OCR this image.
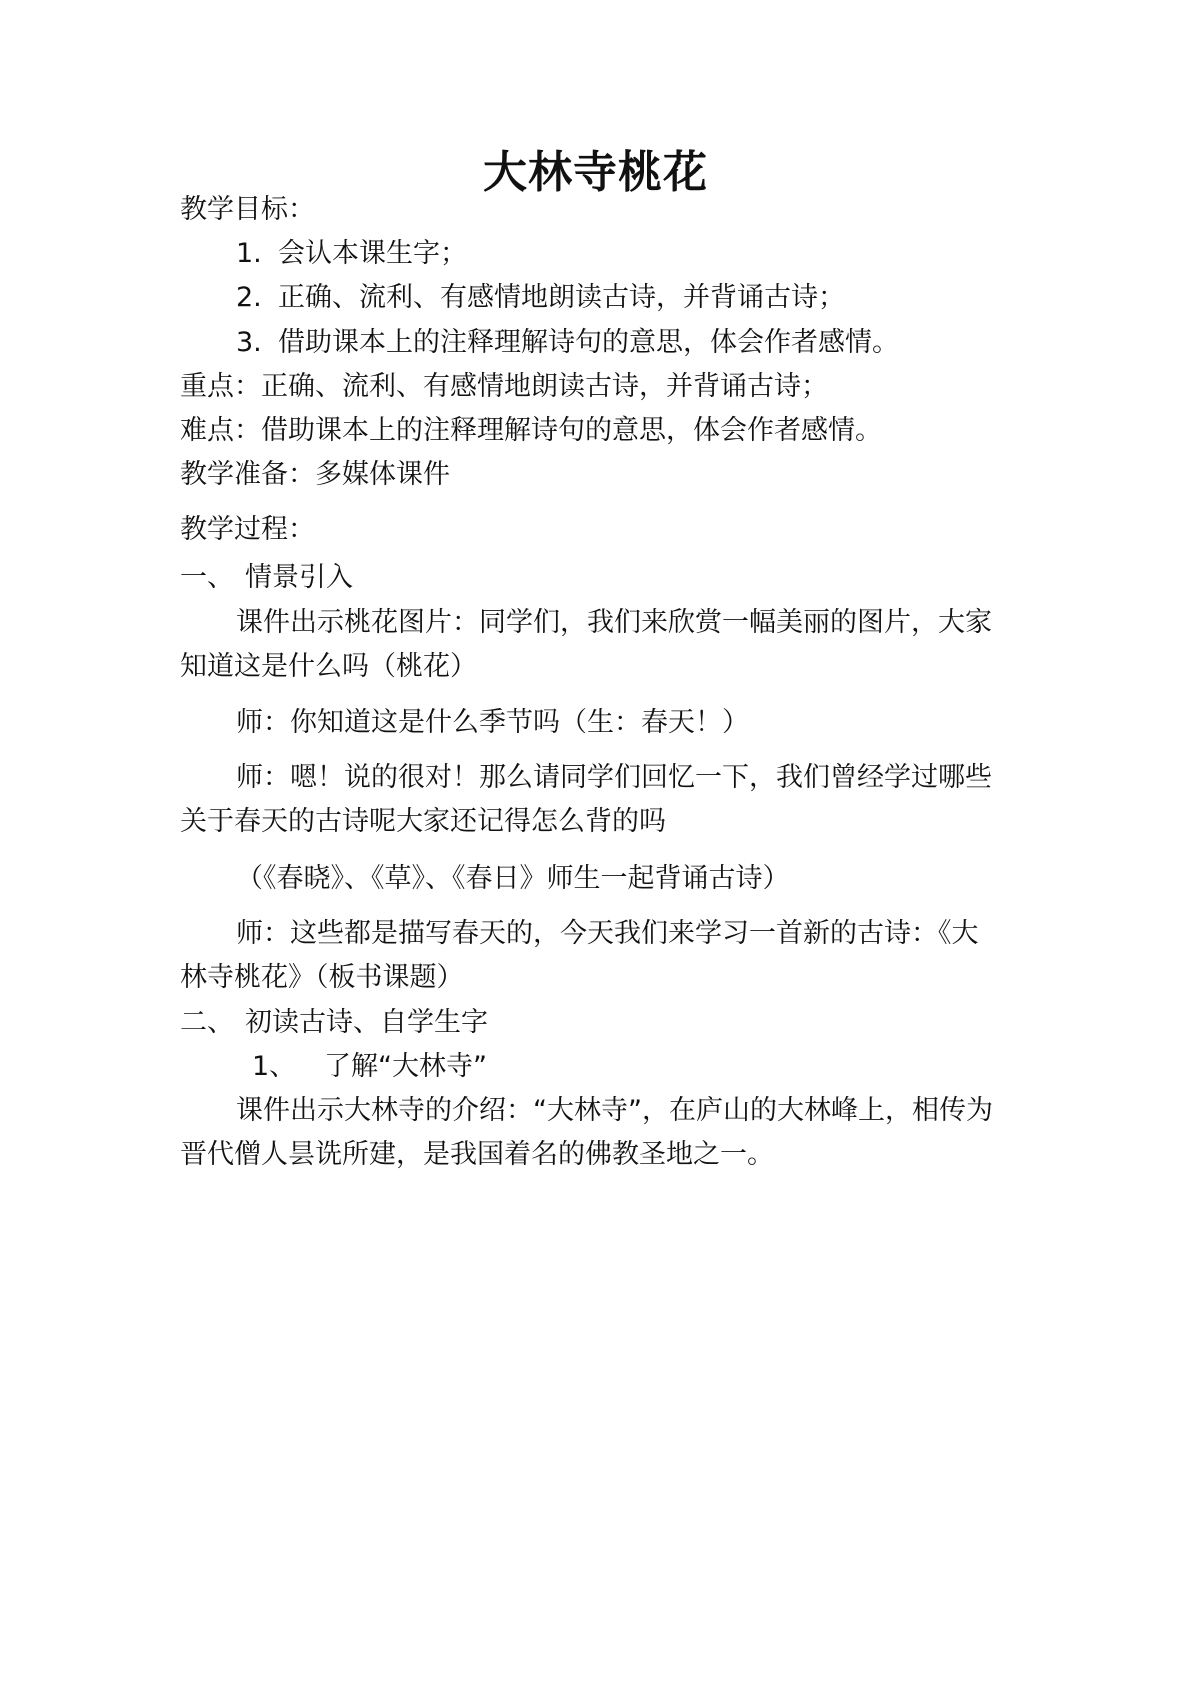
大林寺桃花
教学目标：
1. 会认本课生字；
2. 正确、流利、有感情地朗读古诗，并背诵古诗；
3. 借助课本上的注释理解诗句的意思，体会作者感情。
重点：正确、流利、有感情地朗读古诗，并背诵古诗；
难点：借助课本上的注释理解诗句的意思，体会作者感情。
教学准备：多媒体课件
教学过程：
一、 情景引入
课件出示桃花图片：同学们，我们来欣赏一幅美丽的图片，大家
知道这是什么吗（桃花）
师：你知道这是什么季节吗（生：春天！）
师：嗯！说的很对！那么请同学们回忆一下，我们曾经学过哪些
关于春天的古诗呢大家还记得怎么背的吗
（《春晓》、《草》、《春日》师生一起背诵古诗）
师：这些都是描写春天的，今天我们来学习一首新的古诗：《大
林寺桃花》（板书课题）
二、 初读古诗、自学生字
1、 了解“大林寺”
课件出示大林寺的介绍：“大林寺”，在庐山的大林峰上，相传为
晋代僧人昙诜所建，是我国着名的佛教圣地之一。
